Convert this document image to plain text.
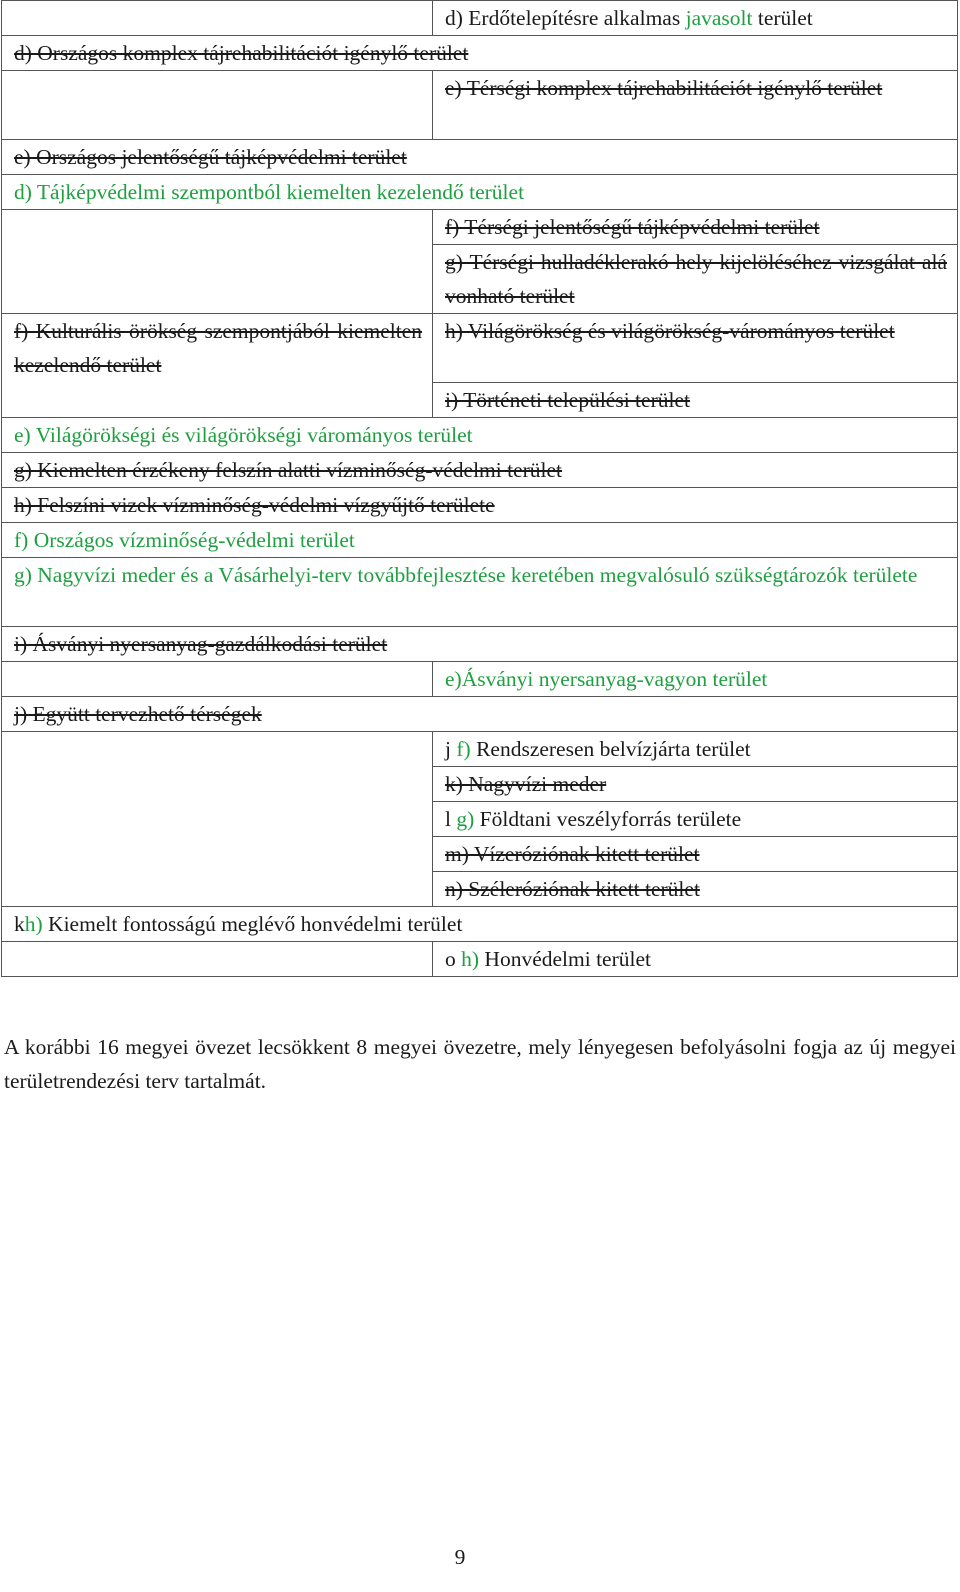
	d) Erdőtelepítésre alkalmas javasolt terület
d) Országos komplex tájrehabilitációt igénylő terület	
	e) Térségi komplex tájrehabilitációt igénylő terület
e) Országos jelentőségű tájképvédelmi terület	
d) Tájképvédelmi szempontból kiemelten kezelendő terület	
	f) Térségi jelentőségű tájképvédelmi terület
	g) Térségi hulladéklerakó hely kijelöléséhez vizsgálat alá vonható terület
f) Kulturális örökség szempontjából kiemelten kezelendő terület	h) Világörökség és világörökség-várományos terület
	i) Történeti települési terület
e) Világörökségi és világörökségi várományos terület	
g) Kiemelten érzékeny felszín alatti vízminőség-védelmi terület	
h) Felszíni vizek vízminőség-védelmi vízgyűjtő területe	
f) Országos vízminőség-védelmi terület	
g) Nagyvízi meder és a Vásárhelyi-terv továbbfejlesztése keretében megvalósuló szükségtározók területe	
i) Ásványi nyersanyag-gazdálkodási terület	
	e)Ásványi nyersanyag-vagyon terület
j) Együtt tervezhető térségek	
	j f) Rendszeresen belvízjárta terület
	k) Nagyvízi meder
	l g) Földtani veszélyforrás területe
	m) Vízeróziónak kitett terület
	n) Széleróziónak kitett terület
kh) Kiemelt fontosságú meglévő honvédelmi terület	
	o h) Honvédelmi terület

A korábbi 16 megyei övezet lecsökkent 8 megyei övezetre, mely lényegesen befolyásolni fogja az új megyei területrendezési terv tartalmát.

9
